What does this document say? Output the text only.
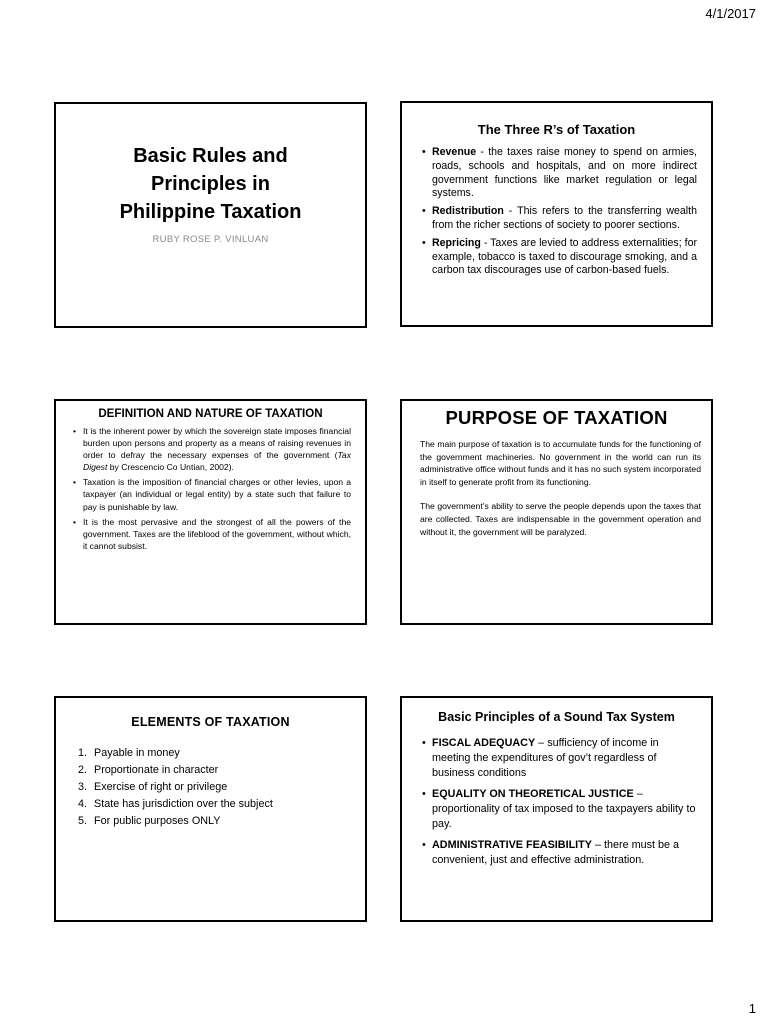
4/1/2017
Basic Rules and
Principles in
Philippine Taxation
RUBY ROSE P. VINLUAN
The Three R’s of Taxation
• Revenue - the taxes raise money to spend on armies, roads, schools and hospitals, and on more indirect government functions like market regulation or legal systems.
• Redistribution - This refers to the transferring wealth from the richer sections of society to poorer sections.
• Repricing - Taxes are levied to address externalities; for example, tobacco is taxed to discourage smoking, and a carbon tax discourages use of carbon-based fuels.
DEFINITION AND NATURE OF TAXATION
• It is the inherent power by which the sovereign state imposes financial burden upon persons and property as a means of raising revenues in order to defray the necessary expenses of the government (Tax Digest by Crescencio Co Untian, 2002).
• Taxation is the imposition of financial charges or other levies, upon a taxpayer (an individual or legal entity) by a state such that failure to pay is punishable by law.
• It is the most pervasive and the strongest of all the powers of the government. Taxes are the lifeblood of the government, without which, it cannot subsist.
PURPOSE OF TAXATION
The main purpose of taxation is to accumulate funds for the functioning of the government machineries. No government in the world can run its administrative office without funds and it has no such system incorporated in itself to generate profit from its functioning.
The government’s ability to serve the people depends upon the taxes that are collected. Taxes are indispensable in the government operation and without it, the government will be paralyzed.
ELEMENTS OF TAXATION
1. Payable in money
2. Proportionate in character
3. Exercise of right or privilege
4. State has jurisdiction over the subject
5. For public purposes ONLY
Basic Principles of a Sound Tax System
• FISCAL ADEQUACY – sufficiency of income in meeting the expenditures of gov’t regardless of business conditions
• EQUALITY ON THEORETICAL JUSTICE – proportionality of tax imposed to the taxpayers ability to pay.
• ADMINISTRATIVE FEASIBILITY – there must be a convenient, just and effective administration.
1
